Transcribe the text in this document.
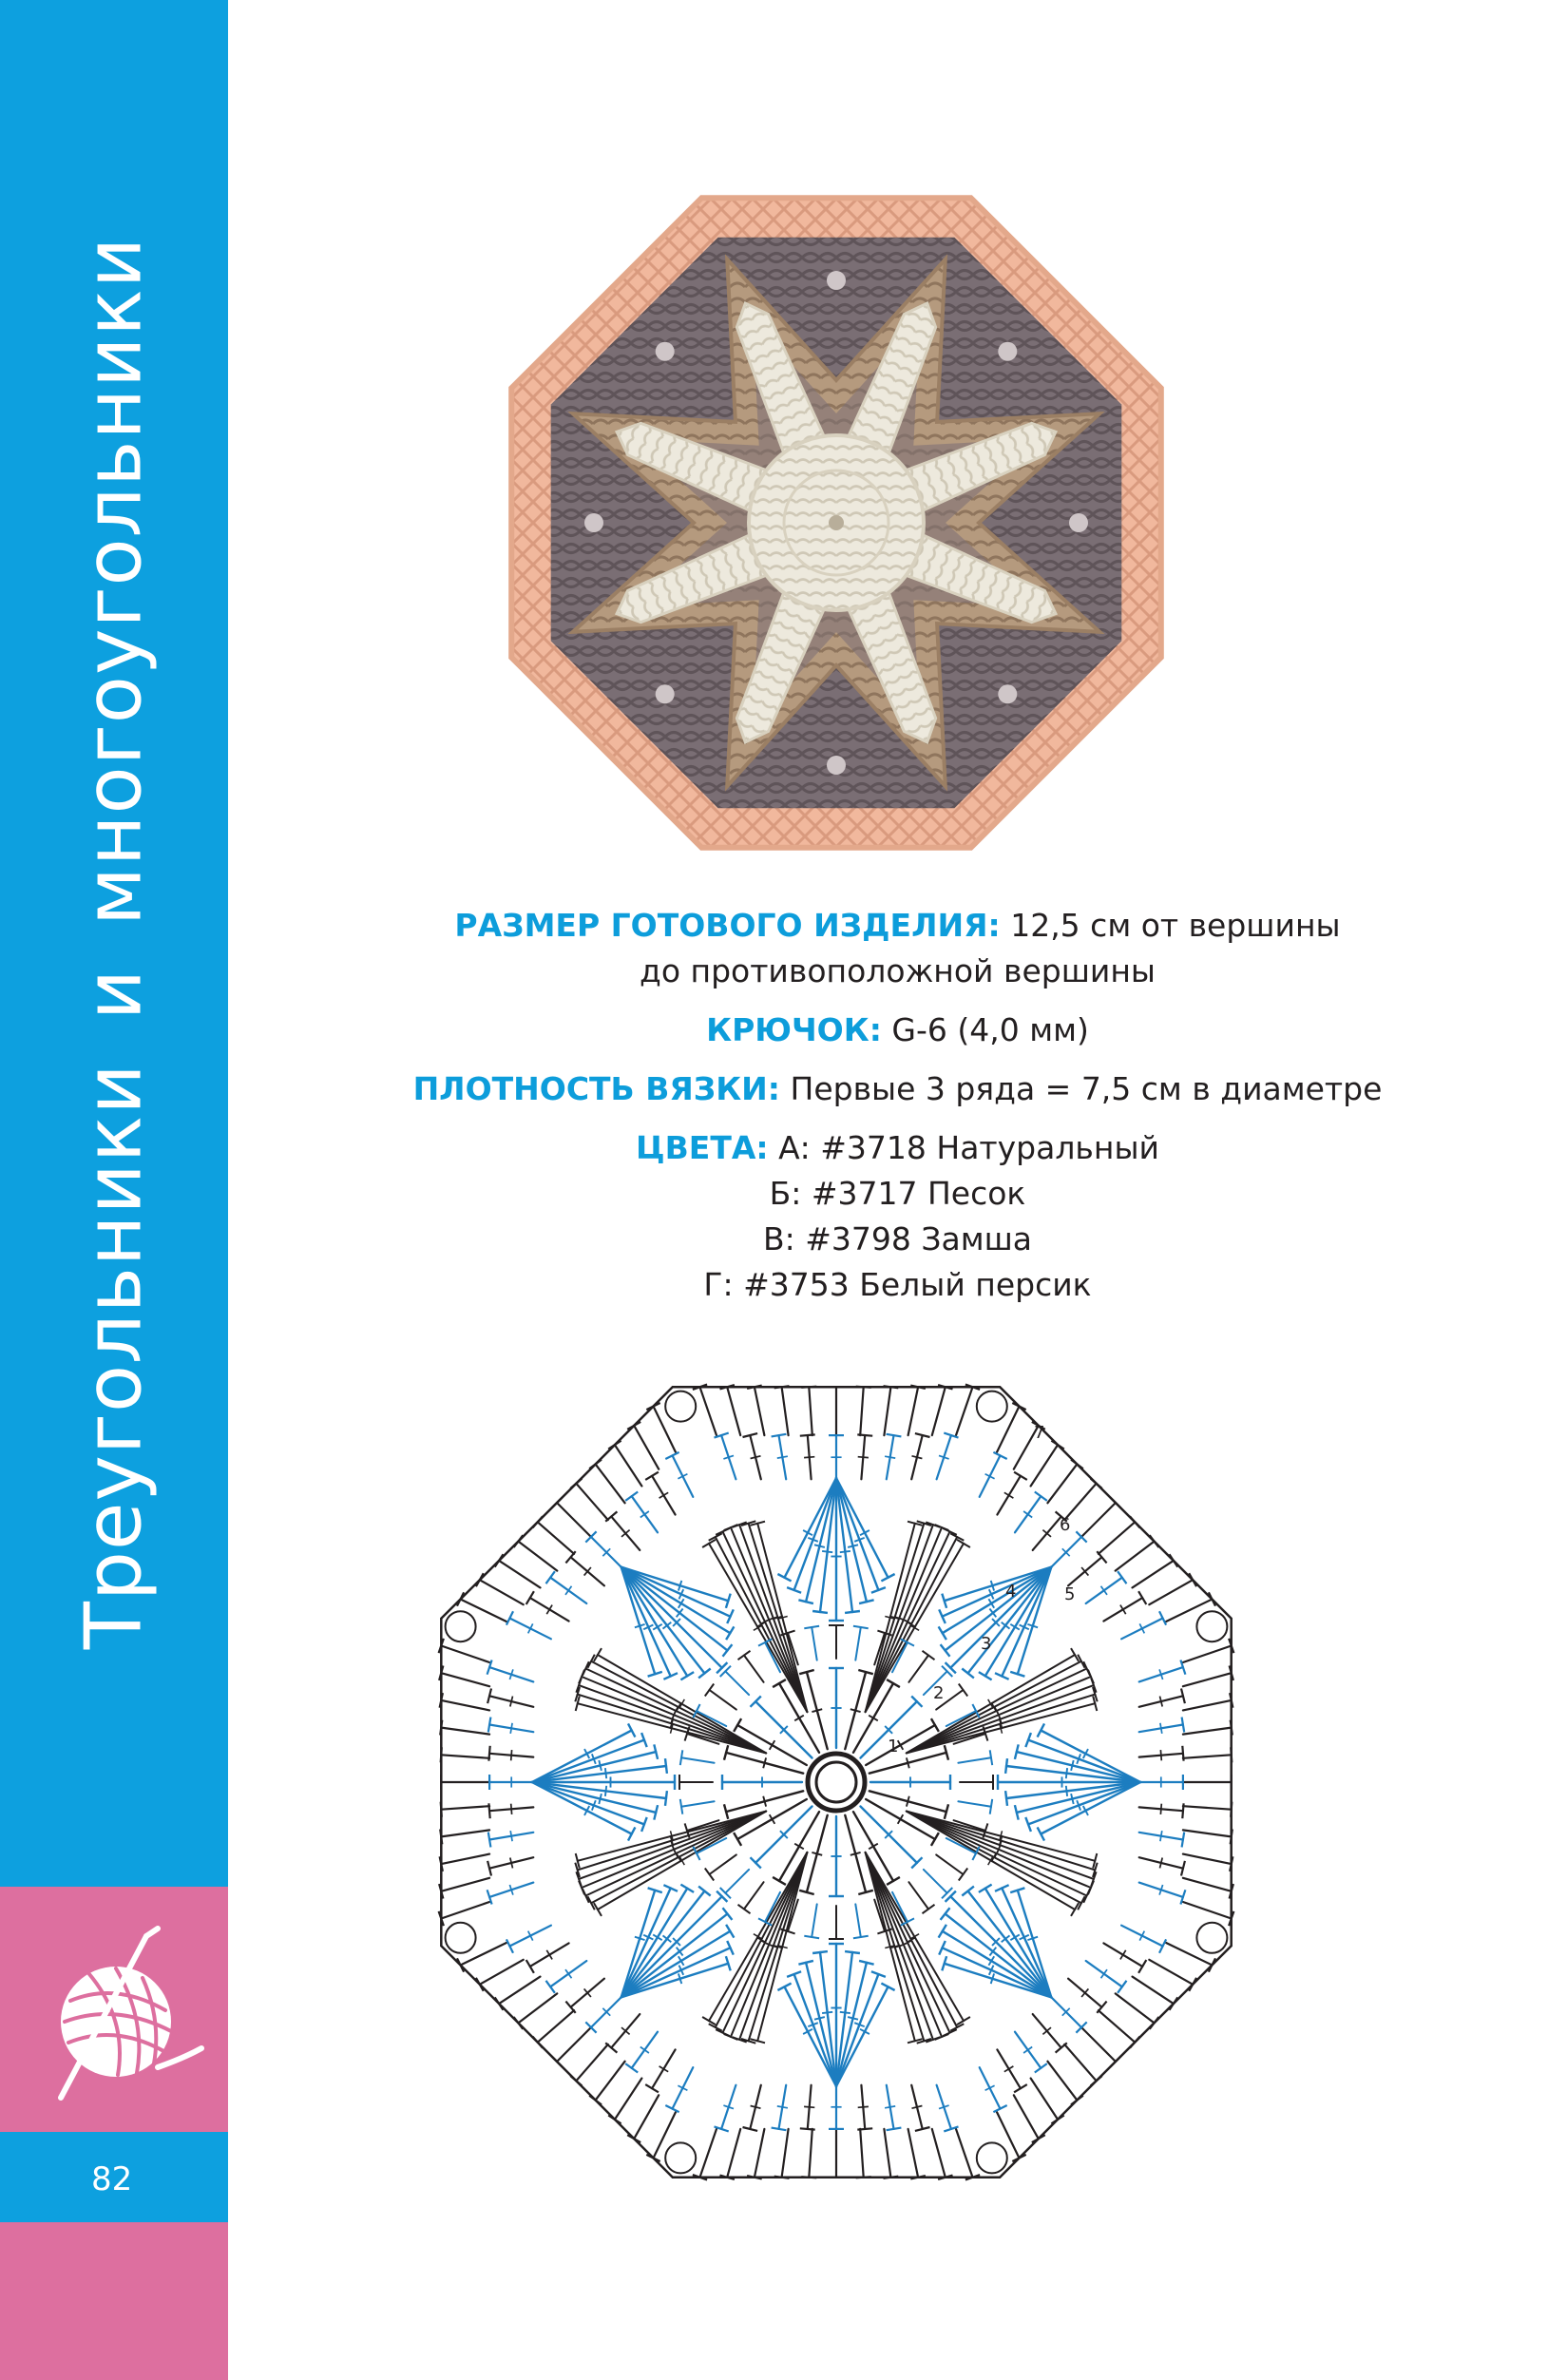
Треугольники и многоугольники
82

РАЗМЕР ГОТОВОГО ИЗДЕЛИЯ: 12,5 см от вершины

до противоположной вершины

КРЮЧОК: G-6 (4,0 мм)

ПЛОТНОСТЬ ВЯЗКИ: Первые 3 ряда = 7,5 см в диаметре

ЦВЕТА: А: #3718 Натуральный

Б: #3717 Песок

В: #3798 Замша

Г: #3753 Белый персик

1
2
3
4	5
6
7
